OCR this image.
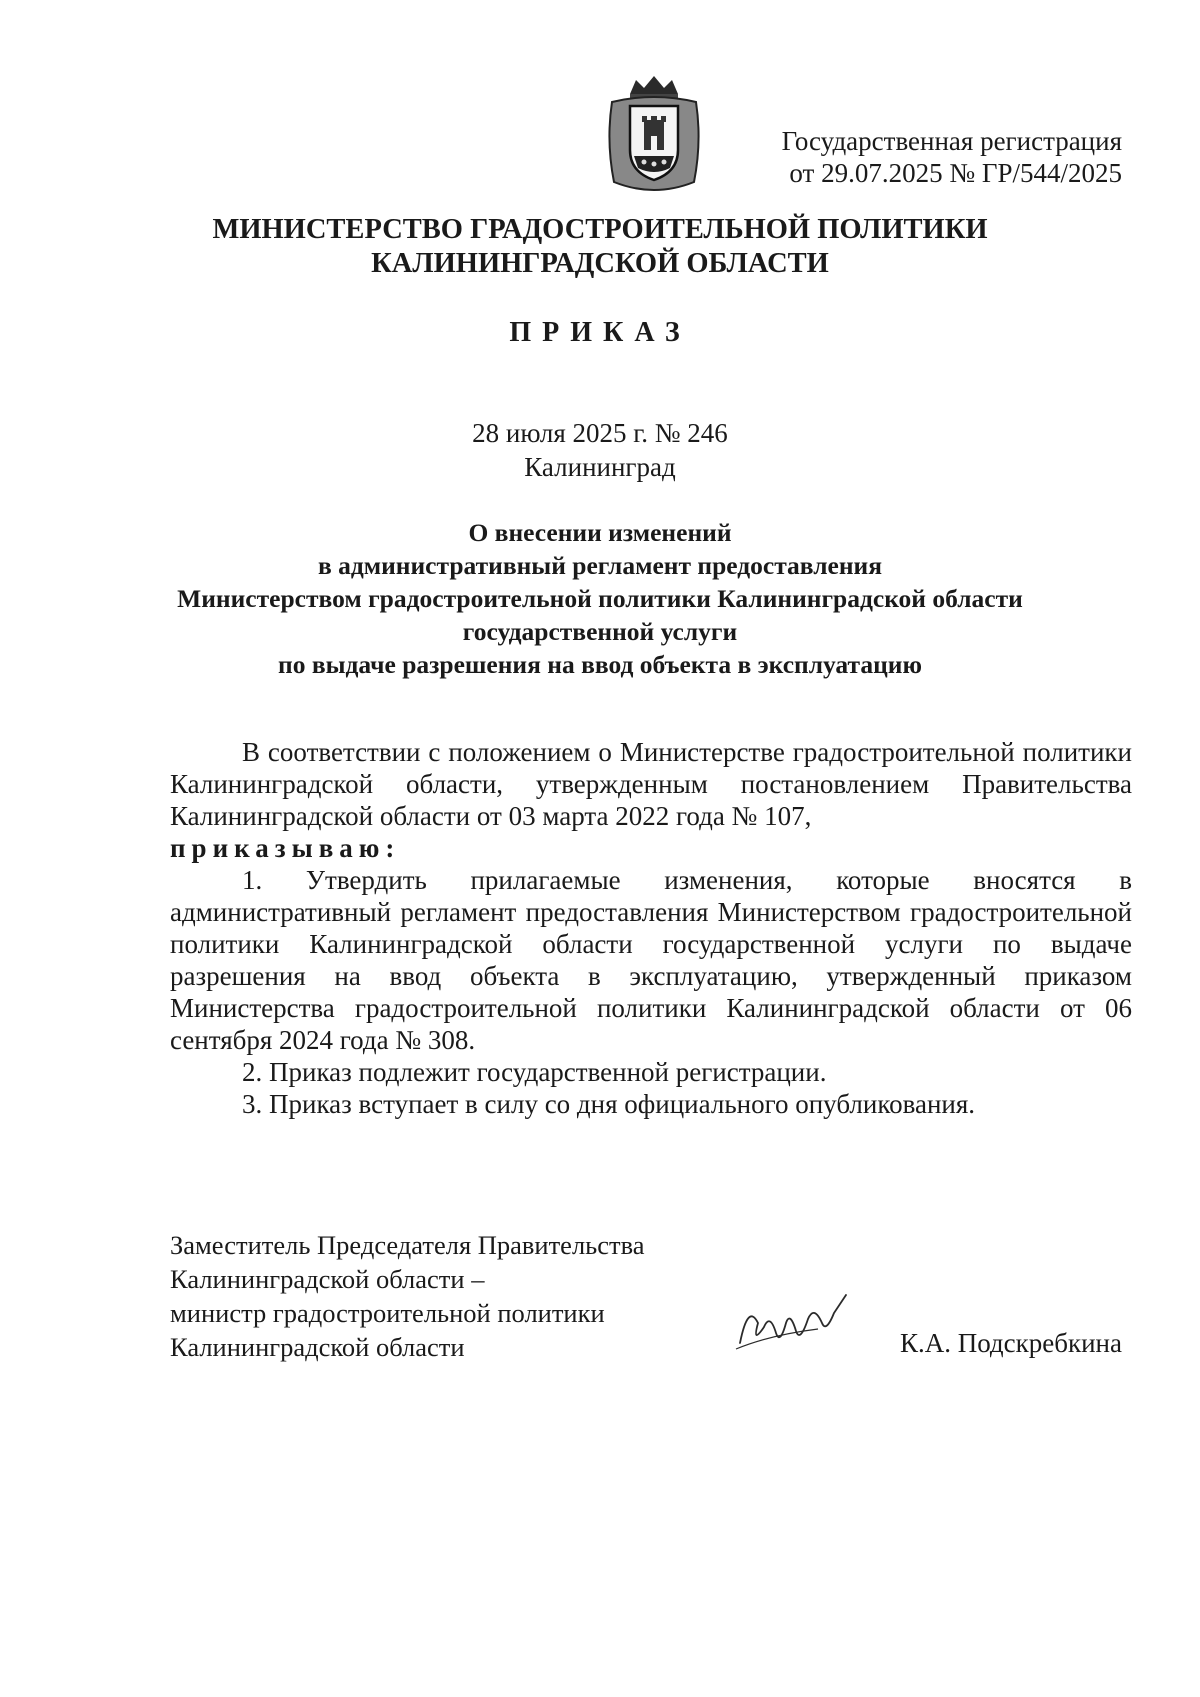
Государственная регистрация
от 29.07.2025 № ГР/544/2025
МИНИСТЕРСТВО ГРАДОСТРОИТЕЛЬНОЙ ПОЛИТИКИ
КАЛИНИНГРАДСКОЙ ОБЛАСТИ
ПРИКАЗ
28 июля 2025 г. № 246
Калининград
О внесении изменений
в административный регламент предоставления
Министерством градостроительной политики Калининградской области
государственной услуги
по выдаче разрешения на ввод объекта в эксплуатацию

В соответствии с положением о Министерстве градостроительной политики Калининградской области, утвержденным постановлением Правительства Калининградской области от 03 марта 2022 года № 107,

приказываю:

1. Утвердить прилагаемые изменения, которые вносятся в административный регламент предоставления Министерством градостроительной политики Калининградской области государственной услуги по выдаче разрешения на ввод объекта в эксплуатацию, утвержденный приказом Министерства градостроительной политики Калининградской области от 06 сентября 2024 года № 308.

2. Приказ подлежит государственной регистрации.

3. Приказ вступает в силу со дня официального опубликования.

Заместитель Председателя Правительства
Калининградской области –
министр градостроительной политики
Калининградской области	К.А. Подскребкина
